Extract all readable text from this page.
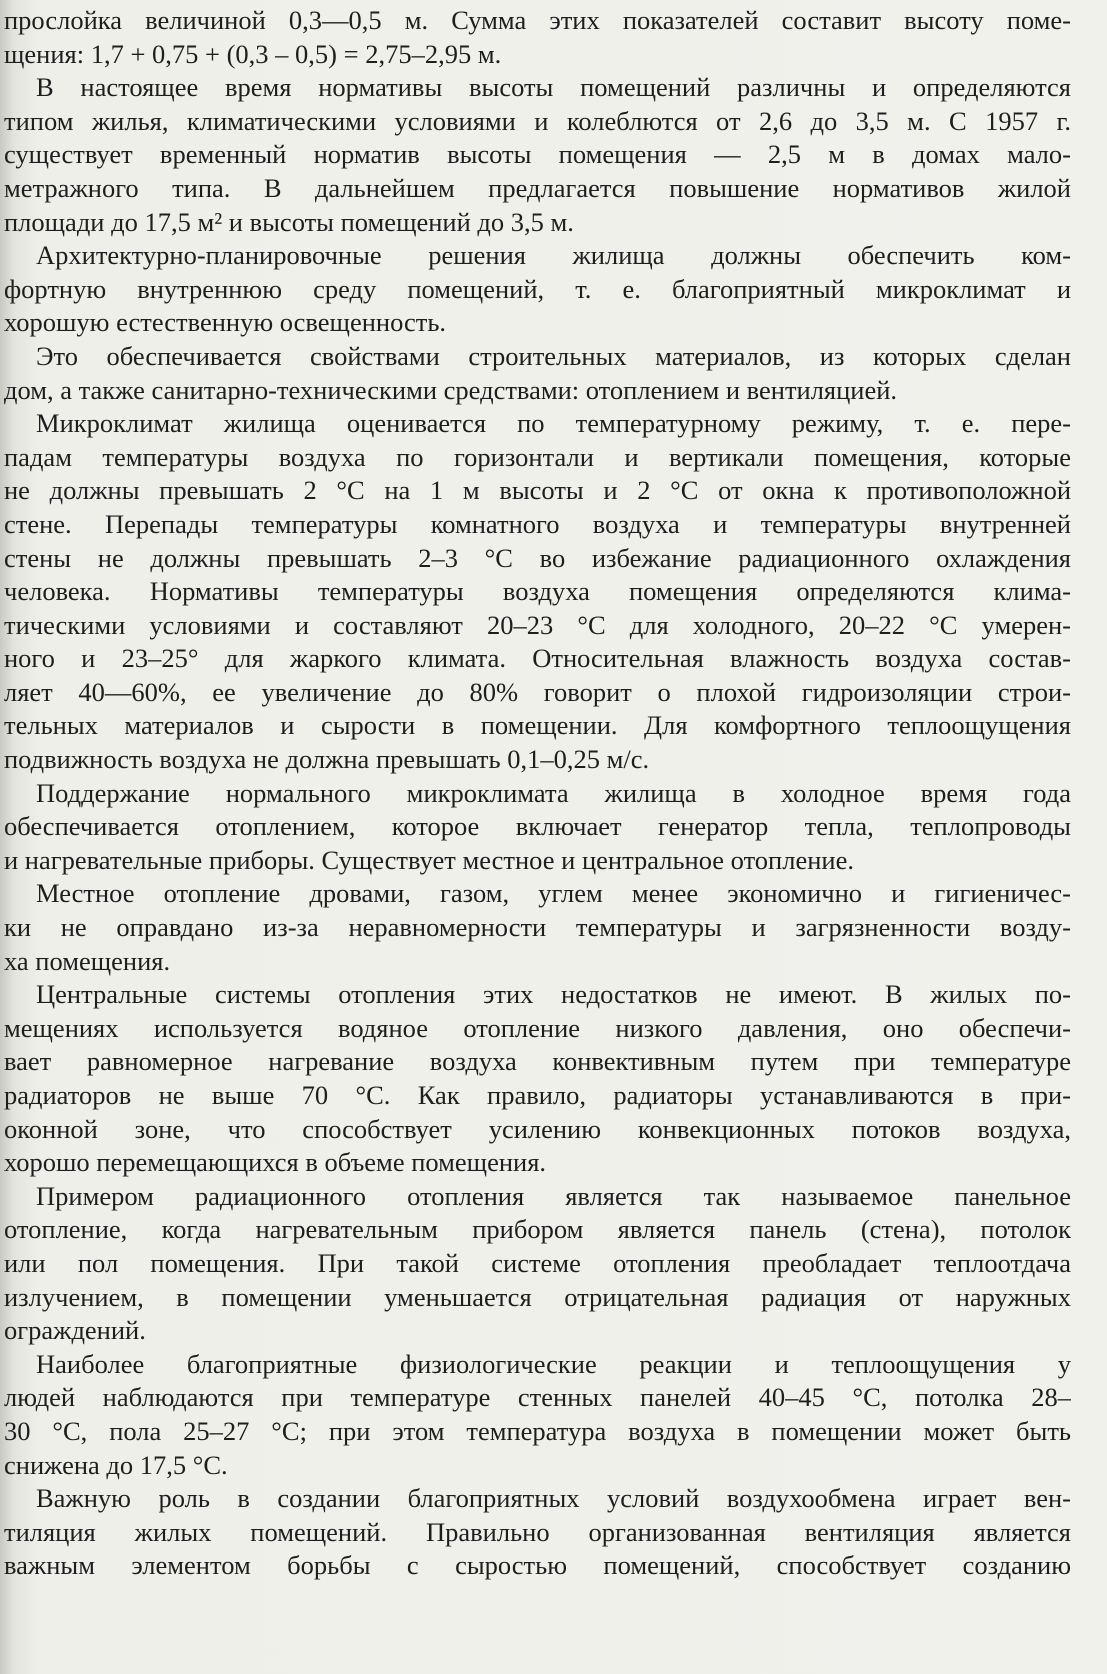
прослойка величиной 0,3—0,5 м. Сумма этих показателей составит высоту поме-
щения: 1,7 + 0,75 + (0,3 – 0,5) = 2,75–2,95 м.
В настоящее время нормативы высоты помещений различны и определяются
типом жилья, климатическими условиями и колеблются от 2,6 до 3,5 м. С 1957 г.
существует временный норматив высоты помещения — 2,5 м в домах мало-
метражного типа. В дальнейшем предлагается повышение нормативов жилой
площади до 17,5 м² и высоты помещений до 3,5 м.
Архитектурно-планировочные решения жилища должны обеспечить ком-
фортную внутреннюю среду помещений, т. е. благоприятный микроклимат и
хорошую естественную освещенность.
Это обеспечивается свойствами строительных материалов, из которых сделан
дом, а также санитарно-техническими средствами: отоплением и вентиляцией.
Микроклимат жилища оценивается по температурному режиму, т. е. пере-
падам температуры воздуха по горизонтали и вертикали помещения, которые
не должны превышать 2 °С на 1 м высоты и 2 °С от окна к противоположной
стене. Перепады температуры комнатного воздуха и температуры внутренней
стены не должны превышать 2–3 °С во избежание радиационного охлаждения
человека. Нормативы температуры воздуха помещения определяются клима-
тическими условиями и составляют 20–23 °С для холодного, 20–22 °С умерен-
ного и 23–25° для жаркого климата. Относительная влажность воздуха состав-
ляет 40—60%, ее увеличение до 80% говорит о плохой гидроизоляции строи-
тельных материалов и сырости в помещении. Для комфортного теплоощущения
подвижность воздуха не должна превышать 0,1–0,25 м/с.
Поддержание нормального микроклимата жилища в холодное время года
обеспечивается отоплением, которое включает генератор тепла, теплопроводы
и нагревательные приборы. Существует местное и центральное отопление.
Местное отопление дровами, газом, углем менее экономично и гигиеничес-
ки не оправдано из-за неравномерности температуры и загрязненности возду-
ха помещения.
Центральные системы отопления этих недостатков не имеют. В жилых по-
мещениях используется водяное отопление низкого давления, оно обеспечи-
вает равномерное нагревание воздуха конвективным путем при температуре
радиаторов не выше 70 °С. Как правило, радиаторы устанавливаются в при-
оконной зоне, что способствует усилению конвекционных потоков воздуха,
хорошо перемещающихся в объеме помещения.
Примером радиационного отопления является так называемое панельное
отопление, когда нагревательным прибором является панель (стена), потолок
или пол помещения. При такой системе отопления преобладает теплоотдача
излучением, в помещении уменьшается отрицательная радиация от наружных
ограждений.
Наиболее благоприятные физиологические реакции и теплоощущения у
людей наблюдаются при температуре стенных панелей 40–45 °С, потолка 28–
30 °С, пола 25–27 °С; при этом температура воздуха в помещении может быть
снижена до 17,5 °С.
Важную роль в создании благоприятных условий воздухообмена играет вен-
тиляция жилых помещений. Правильно организованная вентиляция является
важным элементом борьбы с сыростью помещений, способствует созданию
